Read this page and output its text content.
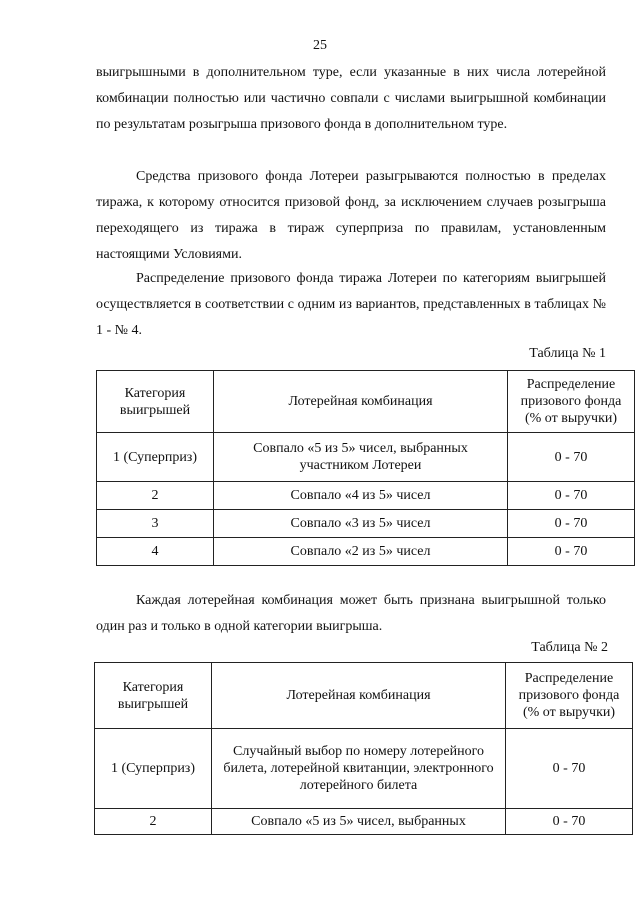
25

выигрышными в дополнительном туре, если указанные в них числа лотерейной комбинации полностью или частично совпали с числами выигрышной комбинации по результатам розыгрыша призового фонда в дополнительном туре.

Средства призового фонда Лотереи разыгрываются полностью в пределах тиража, к которому относится призовой фонд, за исключением случаев розыгрыша переходящего из тиража в тираж суперприза по правилам, установленным настоящими Условиями.

Распределение призового фонда тиража Лотереи по категориям выигрышей осуществляется в соответствии с одним из вариантов, представленных в таблицах № 1 - № 4.

Таблица № 1
Категория выигрышей	Лотерейная комбинация	Распределение призового фонда (% от выручки)
1 (Суперприз)	Совпало «5 из 5» чисел, выбранных участником Лотереи	0 - 70
2	Совпало «4 из 5» чисел	0 - 70
3	Совпало «3 из 5» чисел	0 - 70
4	Совпало «2 из 5» чисел	0 - 70

Каждая лотерейная комбинация может быть признана выигрышной только один раз и только в одной категории выигрыша.

Таблица № 2
Категория выигрышей	Лотерейная комбинация	Распределение призового фонда (% от выручки)
1 (Суперприз)	Случайный выбор по номеру лотерейного билета, лотерейной квитанции, электронного лотерейного билета	0 - 70
2	Совпало «5 из 5» чисел, выбранных	0 - 70
